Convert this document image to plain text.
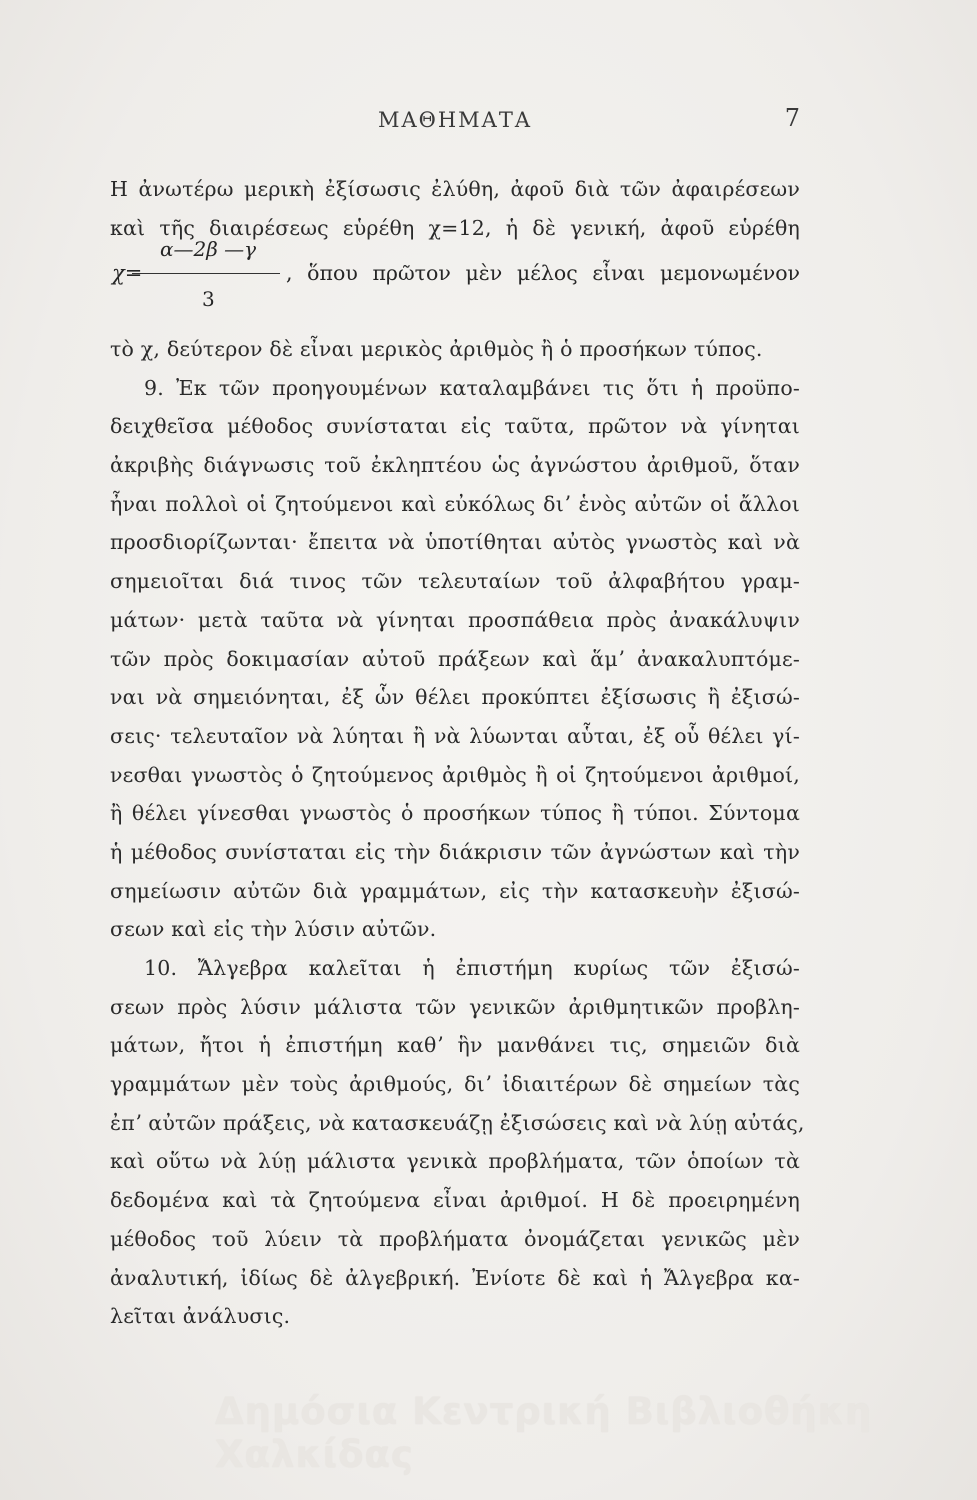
ΜΑΘΗΜΑΤΑ	7
Η ἀνωτέρω μερικὴ ἐξίσωσις ἐλύθη, ἀφοῦ διὰ τῶν ἀφαιρέσεων
καὶ τῆς διαιρέσεως εὑρέθη χ=12, ἡ δὲ γενική, ἀφοῦ εὑρέθη
α—2β —γ
χ=	, ὅπου πρῶτον μὲν μέλος εἶναι μεμονωμένον
3
τὸ χ, δεύτερον δὲ εἶναι μερικὸς ἀριθμὸς ἢ ὁ προσήκων τύπος.
9. Ἐκ τῶν προηγουμένων καταλαμβάνει τις ὅτι ἡ προϋπο-
δειχθεῖσα μέθοδος συνίσταται εἰς ταῦτα, πρῶτον νὰ γίνηται
ἀκριβὴς διάγνωσις τοῦ ἐκληπτέου ὡς ἀγνώστου ἀριθμοῦ, ὅταν
ἦναι πολλοὶ οἱ ζητούμενοι καὶ εὐκόλως διʼ ἑνὸς αὐτῶν οἱ ἄλλοι
προσδιορίζωνται· ἔπειτα νὰ ὑποτίθηται αὐτὸς γνωστὸς καὶ νὰ
σημειοῖται διά τινος τῶν τελευταίων τοῦ ἀλφαβήτου γραμ-
μάτων· μετὰ ταῦτα νὰ γίνηται προσπάθεια πρὸς ἀνακάλυψιν
τῶν πρὸς δοκιμασίαν αὐτοῦ πράξεων καὶ ἅμʼ ἀνακαλυπτόμε-
ναι νὰ σημειόνηται, ἐξ ὧν θέλει προκύπτει ἐξίσωσις ἢ ἐξισώ-
σεις· τελευταῖον νὰ λύηται ἢ νὰ λύωνται αὗται, ἐξ οὗ θέλει γί-
νεσθαι γνωστὸς ὁ ζητούμενος ἀριθμὸς ἢ οἱ ζητούμενοι ἀριθμοί,
ἢ θέλει γίνεσθαι γνωστὸς ὁ προσήκων τύπος ἢ τύποι. Σύντομα
ἡ μέθοδος συνίσταται εἰς τὴν διάκρισιν τῶν ἀγνώστων καὶ τὴν
σημείωσιν αὐτῶν διὰ γραμμάτων, εἰς τὴν κατασκευὴν ἐξισώ-
σεων καὶ εἰς τὴν λύσιν αὐτῶν.
10. Ἄλγεβρα καλεῖται ἡ ἐπιστήμη κυρίως τῶν ἐξισώ-
σεων πρὸς λύσιν μάλιστα τῶν γενικῶν ἀριθμητικῶν προβλη-
μάτων, ἤτοι ἡ ἐπιστήμη καθʼ ἣν μανθάνει τις, σημειῶν διὰ
γραμμάτων μὲν τοὺς ἀριθμούς, διʼ ἰδιαιτέρων δὲ σημείων τὰς
ἐπʼ αὐτῶν πράξεις, νὰ κατασκευάζῃ ἐξισώσεις καὶ νὰ λύῃ αὐτάς,
καὶ οὕτω νὰ λύῃ μάλιστα γενικὰ προβλήματα, τῶν ὁποίων τὰ
δεδομένα καὶ τὰ ζητούμενα εἶναι ἀριθμοί. Η δὲ προειρημένη
μέθοδος τοῦ λύειν τὰ προβλήματα ὀνομάζεται γενικῶς μὲν
ἀναλυτική, ἰδίως δὲ ἀλγεβρική. Ἐνίοτε δὲ καὶ ἡ Ἄλγεβρα κα-
λεῖται ἀνάλυσις.
Δημόσια Κεντρική Βιβλιοθήκη Χαλκίδας
